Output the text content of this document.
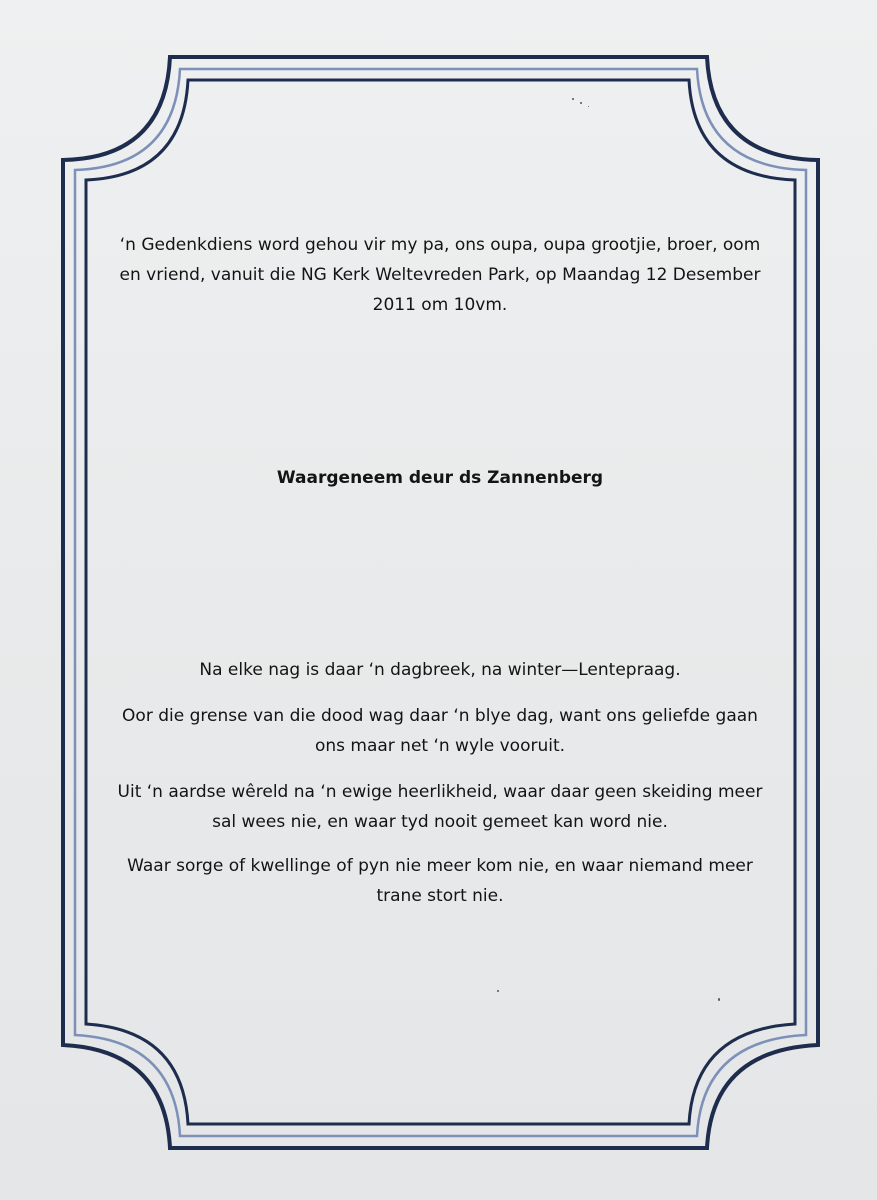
‘n Gedenkdiens word gehou vir my pa, ons oupa, oupa grootjie, broer, oom en vriend, vanuit die NG Kerk Weltevreden Park, op Maandag 12 Desember 2011 om 10vm.
Waargeneem deur ds Zannenberg

Na elke nag is daar ‘n dagbreek, na winter—Lentepraag.

Oor die grense van die dood wag daar ‘n blye dag, want ons geliefde gaan ons maar net ‘n wyle vooruit.

Uit ‘n aardse wêreld na ‘n ewige heerlikheid, waar daar geen skeiding meer sal wees nie, en waar tyd nooit gemeet kan word nie.

Waar sorge of kwellinge of pyn nie meer kom nie, en waar niemand meer trane stort nie.
